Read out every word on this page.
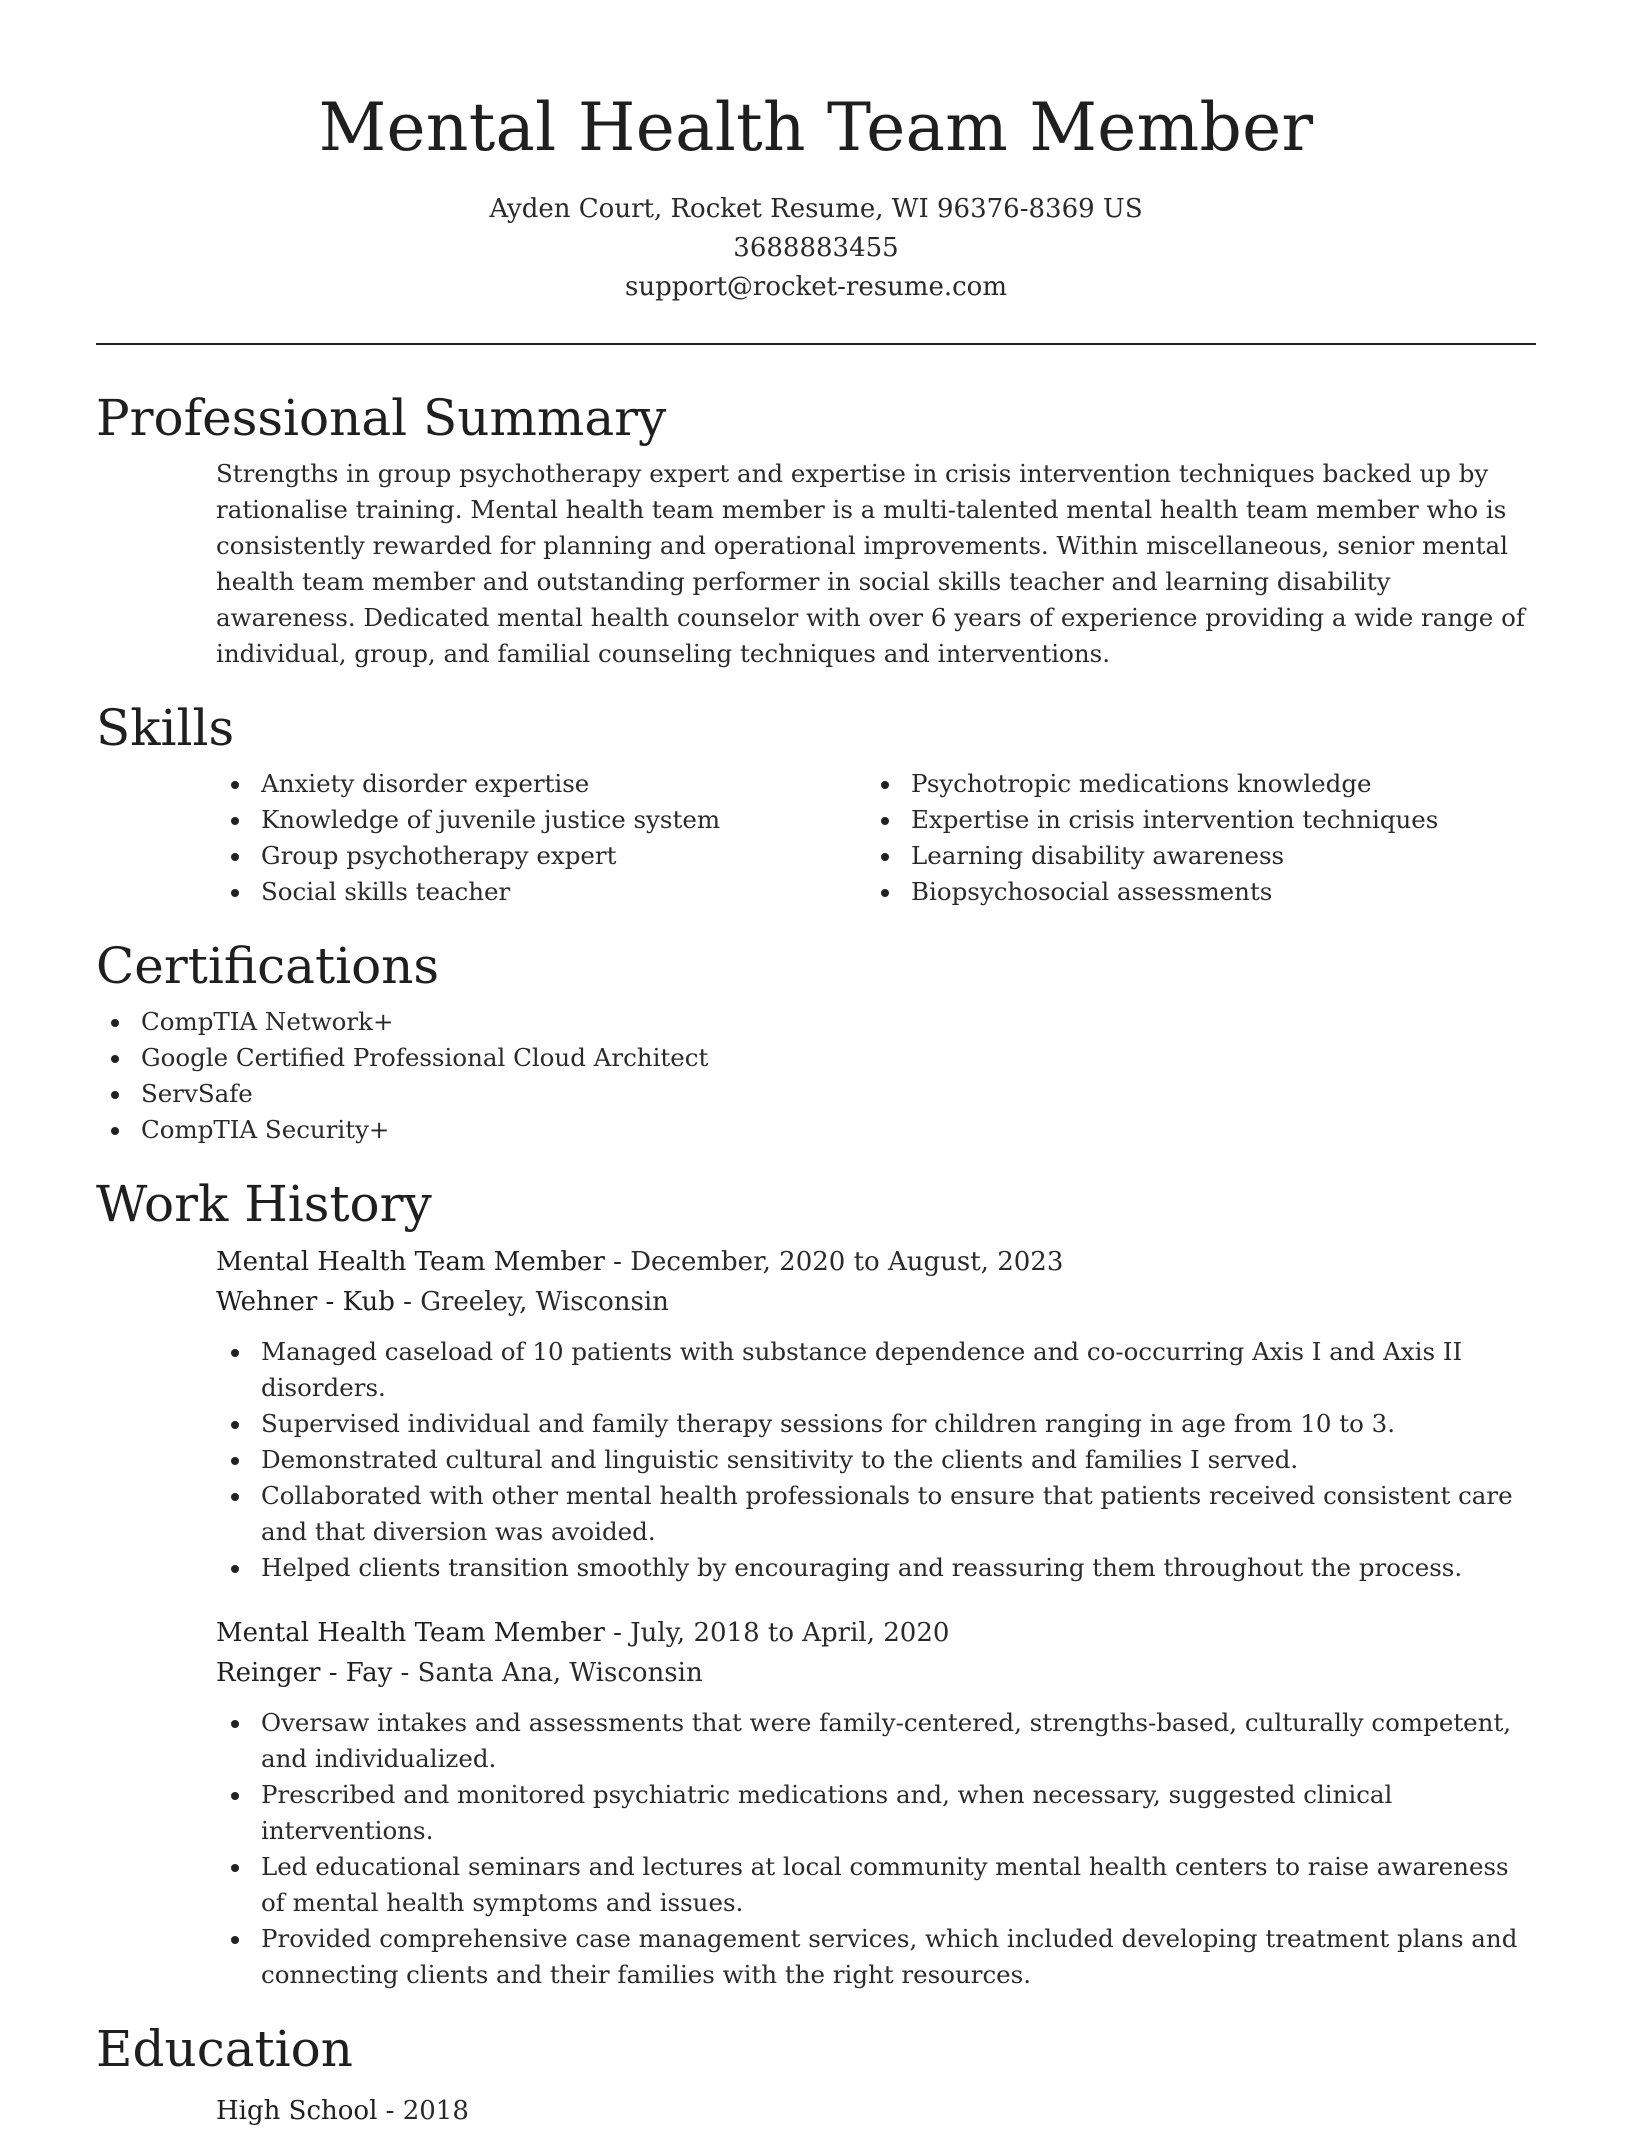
Mental Health Team Member
Ayden Court, Rocket Resume, WI 96376-8369 US
3688883455
support@rocket-resume.com
Professional Summary

Strengths in group psychotherapy expert and expertise in crisis intervention techniques backed up by rationalise training. Mental health team member is a multi-talented mental health team member who is consistently rewarded for planning and operational improvements. Within miscellaneous, senior mental health team member and outstanding performer in social skills teacher and learning disability awareness. Dedicated mental health counselor with over 6 years of experience providing a wide range of individual, group, and familial counseling techniques and interventions.

Skills
Anxiety disorder expertise
Knowledge of juvenile justice system
Group psychotherapy expert
Social skills teacher
Psychotropic medications knowledge
Expertise in crisis intervention techniques
Learning disability awareness
Biopsychosocial assessments
Certifications
CompTIA Network+
Google Certified Professional Cloud Architect
ServSafe
CompTIA Security+
Work History
Mental Health Team Member - December, 2020 to August, 2023
Wehner - Kub - Greeley, Wisconsin
Managed caseload of 10 patients with substance dependence and co-occurring Axis I and Axis II disorders.
Supervised individual and family therapy sessions for children ranging in age from 10 to 3.
Demonstrated cultural and linguistic sensitivity to the clients and families I served.
Collaborated with other mental health professionals to ensure that patients received consistent care and that diversion was avoided.
Helped clients transition smoothly by encouraging and reassuring them throughout the process.
Mental Health Team Member - July, 2018 to April, 2020
Reinger - Fay - Santa Ana, Wisconsin
Oversaw intakes and assessments that were family-centered, strengths-based, culturally competent, and individualized.
Prescribed and monitored psychiatric medications and, when necessary, suggested clinical interventions.
Led educational seminars and lectures at local community mental health centers to raise awareness of mental health symptoms and issues.
Provided comprehensive case management services, which included developing treatment plans and connecting clients and their families with the right resources.
Education
High School - 2018
